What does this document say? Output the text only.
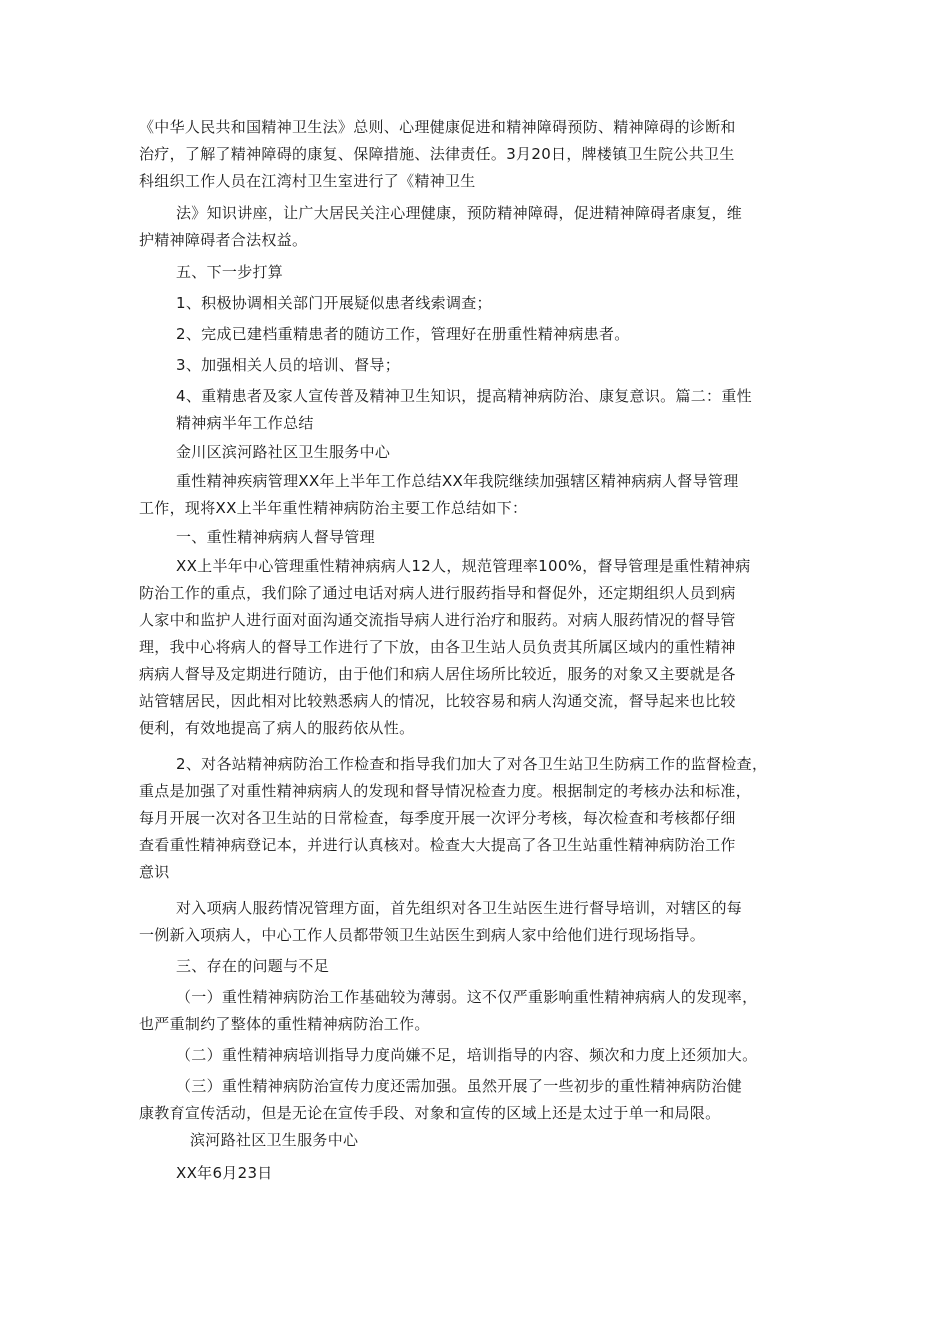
《中华人民共和国精神卫生法》总则、心理健康促进和精神障碍预防、精神障碍的诊断和
治疗，了解了精神障碍的康复、保障措施、法律责任。3月20日，牌楼镇卫生院公共卫生
科组织工作人员在江湾村卫生室进行了《精神卫生
法》知识讲座，让广大居民关注心理健康，预防精神障碍，促进精神障碍者康复，维
护精神障碍者合法权益。
五、下一步打算
1、积极协调相关部门开展疑似患者线索调查；
2、完成已建档重精患者的随访工作，管理好在册重性精神病患者。
3、加强相关人员的培训、督导；
4、重精患者及家人宣传普及精神卫生知识，提高精神病防治、康复意识。篇二：重性
精神病半年工作总结
金川区滨河路社区卫生服务中心
重性精神疾病管理XX年上半年工作总结XX年我院继续加强辖区精神病病人督导管理
工作，现将XX上半年重性精神病防治主要工作总结如下：
一、重性精神病病人督导管理
XX上半年中心管理重性精神病病人12人，规范管理率100%，督导管理是重性精神病
防治工作的重点，我们除了通过电话对病人进行服药指导和督促外，还定期组织人员到病
人家中和监护人进行面对面沟通交流指导病人进行治疗和服药。对病人服药情况的督导管
理，我中心将病人的督导工作进行了下放，由各卫生站人员负责其所属区域内的重性精神
病病人督导及定期进行随访，由于他们和病人居住场所比较近，服务的对象又主要就是各
站管辖居民，因此相对比较熟悉病人的情况，比较容易和病人沟通交流，督导起来也比较
便利，有效地提高了病人的服药依从性。
2、对各站精神病防治工作检查和指导我们加大了对各卫生站卫生防病工作的监督检查，
重点是加强了对重性精神病病人的发现和督导情况检查力度。根据制定的考核办法和标准，
每月开展一次对各卫生站的日常检查，每季度开展一次评分考核，每次检查和考核都仔细
查看重性精神病登记本，并进行认真核对。检查大大提高了各卫生站重性精神病防治工作
意识
对入项病人服药情况管理方面，首先组织对各卫生站医生进行督导培训，对辖区的每
一例新入项病人，中心工作人员都带领卫生站医生到病人家中给他们进行现场指导。
三、存在的问题与不足
（一）重性精神病防治工作基础较为薄弱。这不仅严重影响重性精神病病人的发现率，
也严重制约了整体的重性精神病防治工作。
（二）重性精神病培训指导力度尚嫌不足，培训指导的内容、频次和力度上还须加大。
（三）重性精神病防治宣传力度还需加强。虽然开展了一些初步的重性精神病防治健
康教育宣传活动，但是无论在宣传手段、对象和宣传的区域上还是太过于单一和局限。
滨河路社区卫生服务中心
XX年6月23日
